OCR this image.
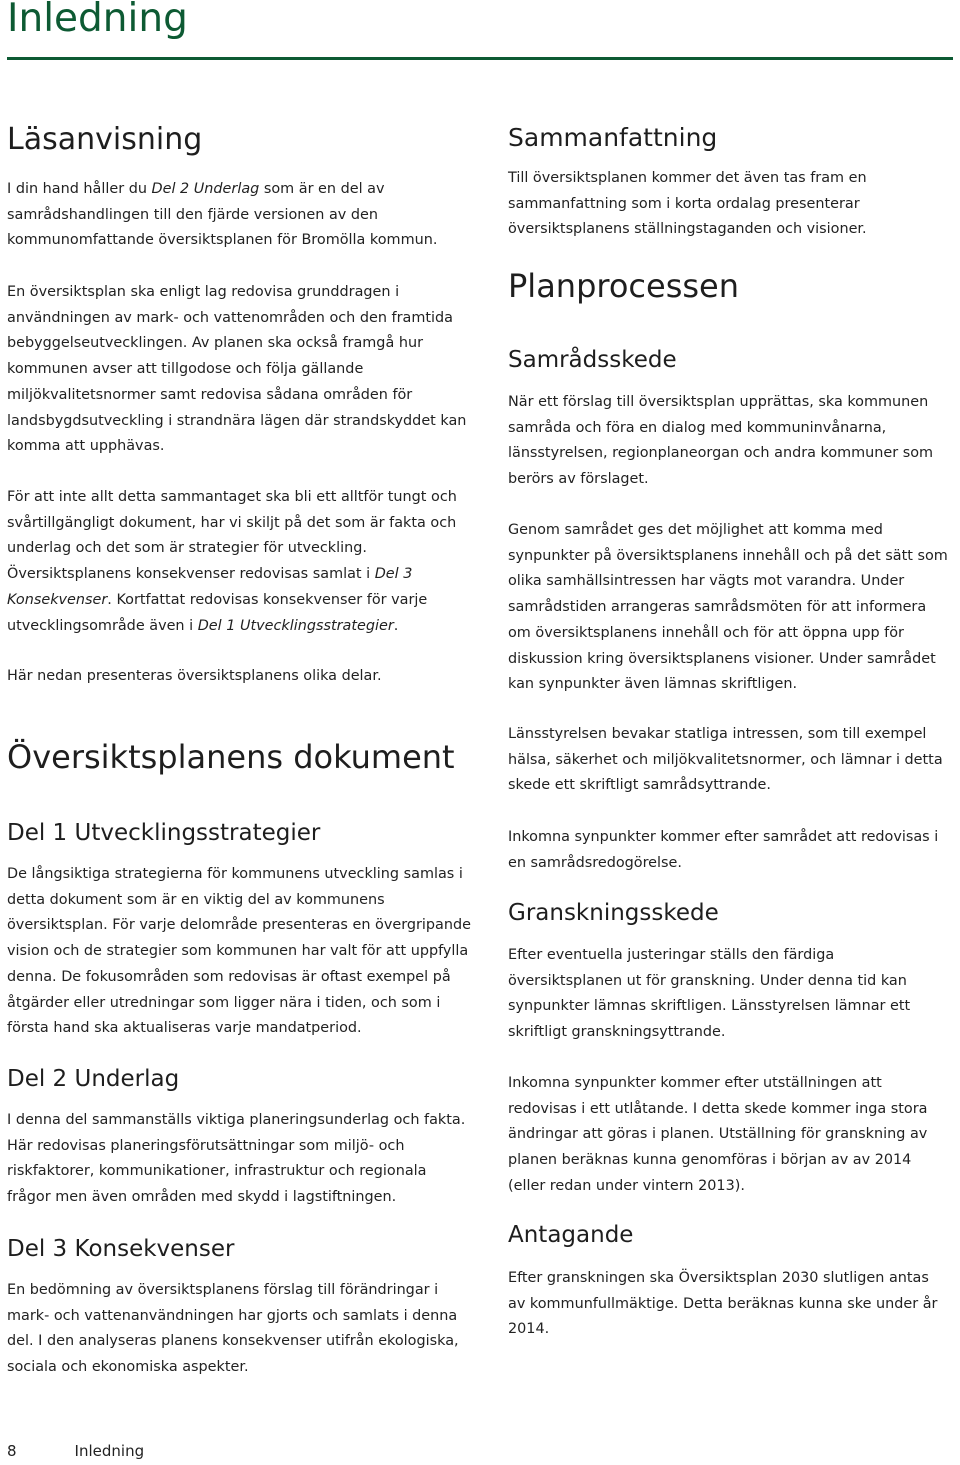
Inledning
Läsanvisning

I din hand håller du Del 2 Underlag som är en del av samrådshandlingen till den fjärde versionen av den kommunomfattande översiktsplanen för Bromölla kommun.

En översiktsplan ska enligt lag redovisa grunddragen i användningen av mark- och vattenområden och den framtida bebyggelseutvecklingen. Av planen ska också framgå hur kommunen avser att tillgodose och följa gällande miljökvalitetsnormer samt redovisa sådana områden för landsbygdsutveckling i strandnära lägen där strandskyddet kan komma att upphävas.

För att inte allt detta sammantaget ska bli ett alltför tungt och svårtillgängligt dokument, har vi skiljt på det som är fakta och underlag och det som är strategier för utveckling. Översiktsplanens konsekvenser redovisas samlat i Del 3 Konsekvenser. Kortfattat redovisas konsekvenser för varje utvecklingsområde även i Del 1 Utvecklingsstrategier.

Här nedan presenteras översiktsplanens olika delar.

Översiktsplanens dokument
Del 1 Utvecklingsstrategier

De långsiktiga strategierna för kommunens utveckling samlas i detta dokument som är en viktig del av kommunens översiktsplan. För varje delområde presenteras en övergripande vision och de strategier som kommunen har valt för att uppfylla denna. De fokusområden som redovisas är oftast exempel på åtgärder eller utredningar som ligger nära i tiden, och som i första hand ska aktualiseras varje mandatperiod.

Del 2 Underlag

I denna del sammanställs viktiga planeringsunderlag och fakta. Här redovisas planeringsförutsättningar som miljö- och riskfaktorer, kommunikationer, infrastruktur och regionala frågor men även områden med skydd i lagstiftningen.

Del 3 Konsekvenser

En bedömning av översiktsplanens förslag till förändringar i mark- och vattenanvändningen har gjorts och samlats i denna del. I den analyseras planens konsekvenser utifrån ekologiska, sociala och ekonomiska aspekter.

Sammanfattning

Till översiktsplanen kommer det även tas fram en sammanfattning som i korta ordalag presenterar översiktsplanens ställningstaganden och visioner.

Planprocessen
Samrådsskede

När ett förslag till översiktsplan upprättas, ska kommunen samråda och föra en dialog med kommuninvånarna, länsstyrelsen, regionplaneorgan och andra kommuner som berörs av förslaget.

Genom samrådet ges det möjlighet att komma med synpunkter på översiktsplanens innehåll och på det sätt som olika samhällsintressen har vägts mot varandra. Under samrådstiden arrangeras samrådsmöten för att informera om översiktsplanens innehåll och för att öppna upp för diskussion kring översiktsplanens visioner. Under samrådet kan synpunkter även lämnas skriftligen.

Länsstyrelsen bevakar statliga intressen, som till exempel hälsa, säkerhet och miljökvalitetsnormer, och lämnar i detta skede ett skriftligt samrådsyttrande.

Inkomna synpunkter kommer efter samrådet att redovisas i en samrådsredogörelse.

Granskningsskede

Efter eventuella justeringar ställs den färdiga översiktsplanen ut för granskning. Under denna tid kan synpunkter lämnas skriftligen. Länsstyrelsen lämnar ett skriftligt granskningsyttrande.

Inkomna synpunkter kommer efter utställningen att redovisas i ett utlåtande. I detta skede kommer inga stora ändringar att göras i planen. Utställning för granskning av planen beräknas kunna genomföras i början av av 2014 (eller redan under vintern 2013).

Antagande

Efter granskningen ska Översiktsplan 2030 slutligen antas av kommunfullmäktige. Detta beräknas kunna ske under år 2014.

8	Inledning
